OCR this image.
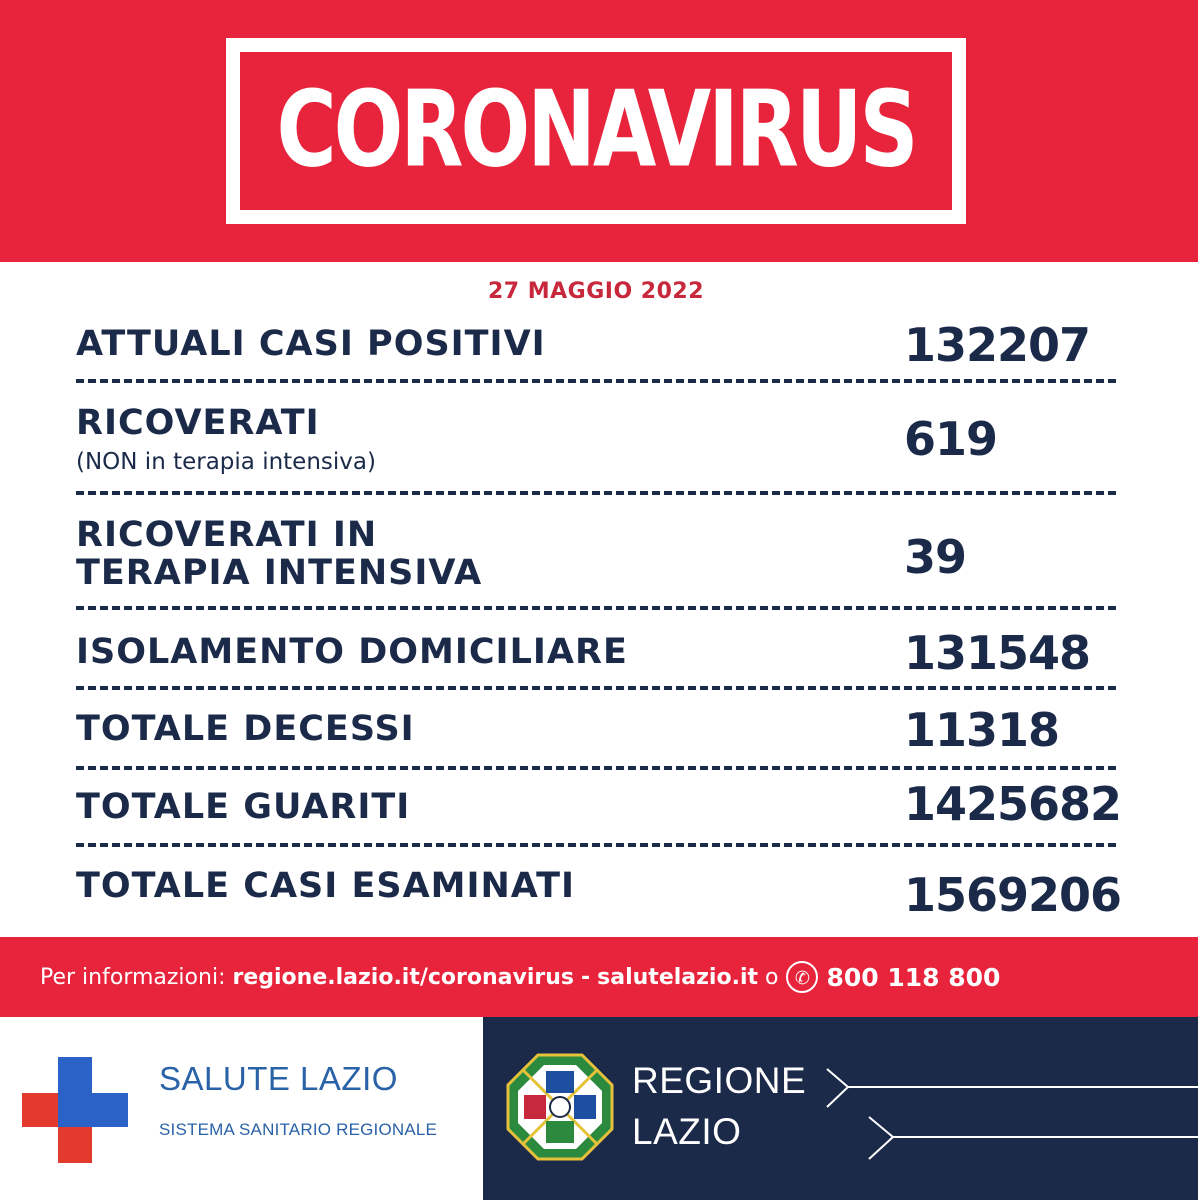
CORONAVIRUS
27 MAGGIO 2022
ATTUALI CASI POSITIVI	132207
RICOVERATI
(NON in terapia intensiva)	619
RICOVERATI IN
TERAPIA INTENSIVA	39
ISOLAMENTO DOMICILIARE	131548
TOTALE DECESSI	11318
TOTALE GUARITI	1425682
TOTALE CASI ESAMINATI	1569206
Per informazioni:
regione.lazio.it/coronavirus
-
salutelazio.it
o ✆ 800 118 800
SALUTE LAZIO
SISTEMA SANITARIO REGIONALE
REGIONE
LAZIO
